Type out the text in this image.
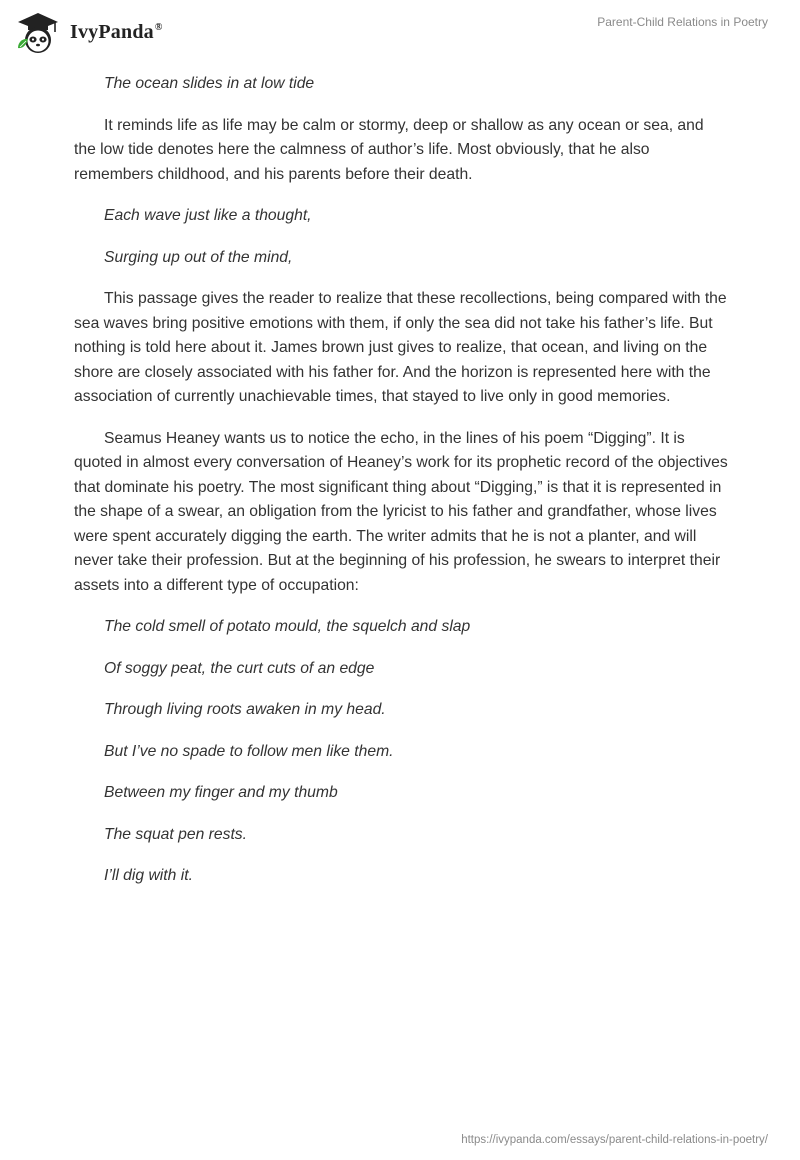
IvyPanda®	Parent-Child Relations in Poetry

The ocean slides in at low tide

It reminds life as life may be calm or stormy, deep or shallow as any ocean or sea, and the low tide denotes here the calmness of author’s life. Most obviously, that he also remembers childhood, and his parents before their death.

Each wave just like a thought,

Surging up out of the mind,

This passage gives the reader to realize that these recollections, being compared with the sea waves bring positive emotions with them, if only the sea did not take his father’s life. But nothing is told here about it. James brown just gives to realize, that ocean, and living on the shore are closely associated with his father for. And the horizon is represented here with the association of currently unachievable times, that stayed to live only in good memories.

Seamus Heaney wants us to notice the echo, in the lines of his poem “Digging”. It is quoted in almost every conversation of Heaney’s work for its prophetic record of the objectives that dominate his poetry. The most significant thing about “Digging,” is that it is represented in the shape of a swear, an obligation from the lyricist to his father and grandfather, whose lives were spent accurately digging the earth. The writer admits that he is not a planter, and will never take their profession. But at the beginning of his profession, he swears to interpret their assets into a different type of occupation:

The cold smell of potato mould, the squelch and slap

Of soggy peat, the curt cuts of an edge

Through living roots awaken in my head.

But I’ve no spade to follow men like them.

Between my finger and my thumb

The squat pen rests.

I’ll dig with it.

https://ivypanda.com/essays/parent-child-relations-in-poetry/
